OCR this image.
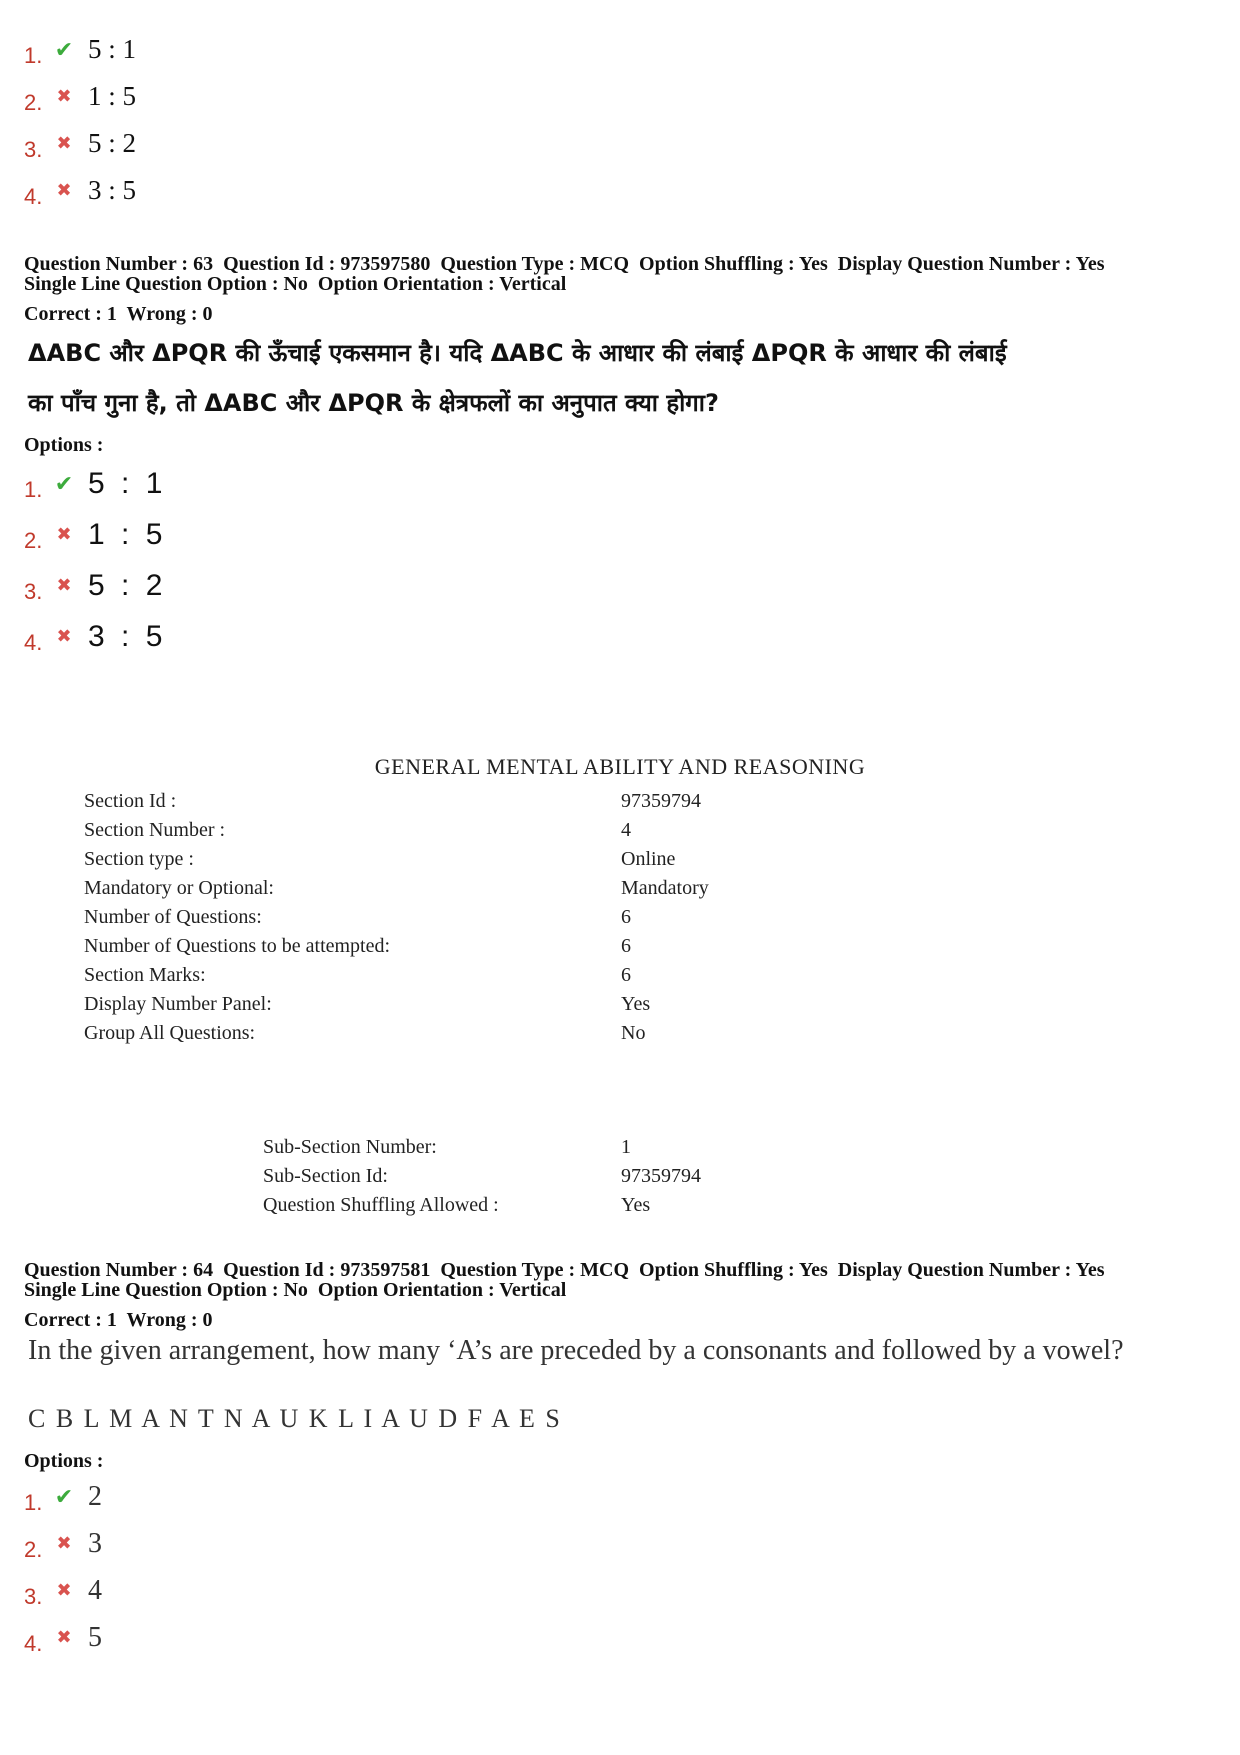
1. ✔ 5 : 1
2. ✖ 1 : 5
3. ✖ 5 : 2
4. ✖ 3 : 5
Question Number : 63  Question Id : 973597580  Question Type : MCQ  Option Shuffling : Yes  Display Question Number : Yes
Single Line Question Option : No  Option Orientation : Vertical
Correct : 1  Wrong : 0
ΔABC और ΔPQR की ऊँचाई एकसमान है। यदि ΔABC के आधार की लंबाई ΔPQR के आधार की लंबाई
का पाँच गुना है, तो ΔABC और ΔPQR के क्षेत्रफलों का अनुपात क्या होगा?
Options :
1. ✔ 5 : 1
2. ✖ 1 : 5
3. ✖ 5 : 2
4. ✖ 3 : 5
GENERAL MENTAL ABILITY AND REASONING
Section Id :	97359794
Section Number :	4
Section type :	Online
Mandatory or Optional:	Mandatory
Number of Questions:	6
Number of Questions to be attempted:	6
Section Marks:	6
Display Number Panel:	Yes
Group All Questions:	No
Sub-Section Number:	1
Sub-Section Id:	97359794
Question Shuffling Allowed :	Yes
Question Number : 64  Question Id : 973597581  Question Type : MCQ  Option Shuffling : Yes  Display Question Number : Yes
Single Line Question Option : No  Option Orientation : Vertical
Correct : 1  Wrong : 0
In the given arrangement, how many ‘A’s are preceded by a consonants and followed by a vowel?
C B L M A N T N A U K L I A U D F A E S
Options :
1. ✔ 2
2. ✖ 3
3. ✖ 4
4. ✖ 5
